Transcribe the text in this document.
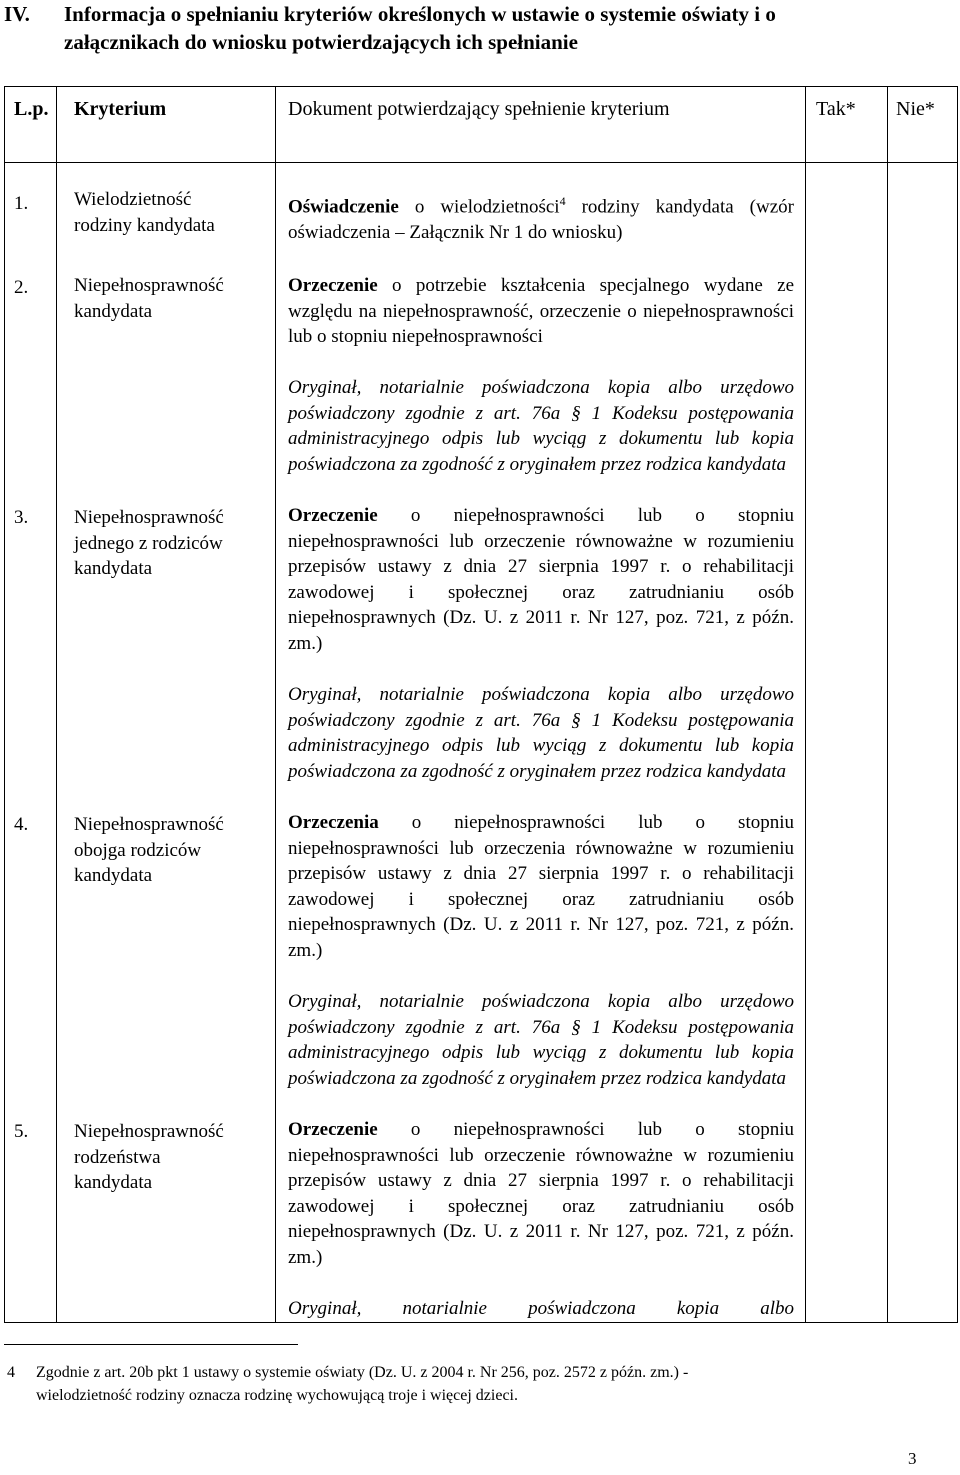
IV. Informacja o spełnianiu kryteriów określonych w ustawie o systemie oświaty i o
załącznikach do wniosku potwierdzających ich spełnianie
L.p. Kryterium	Dokument potwierdzający spełnienie kryterium	Tak* Nie*
1. Wielodzietność
rodziny kandydata
2. Niepełnosprawność
kandydata
3. Niepełnosprawność
jednego z rodziców
kandydata
4. Niepełnosprawność
obojga rodziców
kandydata
5. Niepełnosprawność
rodzeństwa
kandydata
Oświadczenie o wielodzietności$^4$ rodziny kandydata (wzór oświadczenia – Załącznik Nr 1 do wniosku)
Orzeczenie o potrzebie kształcenia specjalnego wydane ze względu na niepełnosprawność, orzeczenie o niepełnosprawności lub o stopniu niepełnosprawności
Oryginał, notarialnie poświadczona kopia albo urzędowo poświadczony zgodnie z art. 76a § 1 Kodeksu postępowania administracyjnego odpis lub wyciąg z dokumentu lub kopia poświadczona za zgodność z oryginałem przez rodzica kandydata
Orzeczenie o niepełnosprawności lub o stopniu niepełnosprawności lub orzeczenie równoważne w rozumieniu przepisów ustawy z dnia 27 sierpnia 1997 r. o rehabilitacji zawodowej i społecznej oraz zatrudnianiu osób niepełnosprawnych (Dz. U. z 2011 r. Nr 127, poz. 721, z późn. zm.)
Oryginał, notarialnie poświadczona kopia albo urzędowo poświadczony zgodnie z art. 76a § 1 Kodeksu postępowania administracyjnego odpis lub wyciąg z dokumentu lub kopia poświadczona za zgodność z oryginałem przez rodzica kandydata
Orzeczenia o niepełnosprawności lub o stopniu niepełnosprawności lub orzeczenia równoważne w rozumieniu przepisów ustawy z dnia 27 sierpnia 1997 r. o rehabilitacji zawodowej i społecznej oraz zatrudnianiu osób niepełnosprawnych (Dz. U. z 2011 r. Nr 127, poz. 721, z późn. zm.)
Oryginał, notarialnie poświadczona kopia albo urzędowo poświadczony zgodnie z art. 76a § 1 Kodeksu postępowania administracyjnego odpis lub wyciąg z dokumentu lub kopia poświadczona za zgodność z oryginałem przez rodzica kandydata
Orzeczenie o niepełnosprawności lub o stopniu niepełnosprawności lub orzeczenie równoważne w rozumieniu przepisów ustawy z dnia 27 sierpnia 1997 r. o rehabilitacji zawodowej i społecznej oraz zatrudnianiu osób niepełnosprawnych (Dz. U. z 2011 r. Nr 127, poz. 721, z późn. zm.)
Oryginał, notarialnie poświadczona kopia albo
4 Zgodnie z art. 20b pkt 1 ustawy o systemie oświaty (Dz. U. z 2004 r. Nr 256, poz. 2572 z późn. zm.) -
wielodzietność rodziny oznacza rodzinę wychowującą troje i więcej dzieci.
3
